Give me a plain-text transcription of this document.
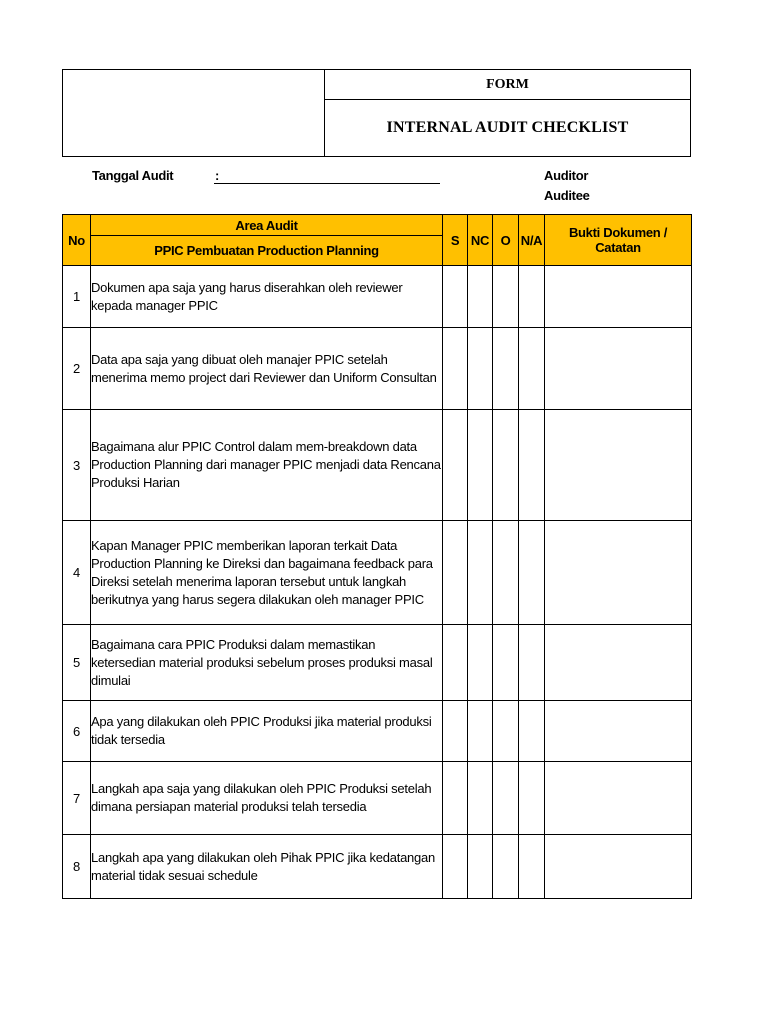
FORM
INTERNAL AUDIT CHECKLIST
Tanggal Audit	:	Auditor
Auditee
No	Area Audit	S	NC	O	N/A	Bukti Dokumen / Catatan
	PPIC Pembuatan Production Planning					
1	Dokumen apa saja yang harus diserahkan oleh reviewer kepada manager PPIC					

2	Data apa saja yang dibuat oleh manajer PPIC setelah menerima memo project dari Reviewer dan Uniform Consultan					

3	Bagaimana alur PPIC Control dalam mem-breakdown data Production Planning dari manager PPIC menjadi data Rencana Produksi Harian					

4	Kapan Manager PPIC memberikan laporan terkait Data Production Planning ke Direksi dan bagaimana feedback para Direksi setelah menerima laporan tersebut untuk langkah berikutnya yang harus segera dilakukan oleh manager PPIC					

5	Bagaimana cara PPIC Produksi dalam memastikan ketersedian material produksi sebelum proses produksi masal dimulai					

6	Apa yang dilakukan oleh PPIC Produksi jika material produksi tidak tersedia					

7	Langkah apa saja yang dilakukan oleh PPIC Produksi setelah dimana persiapan material produksi telah tersedia					

8	Langkah apa yang dilakukan oleh Pihak PPIC jika kedatangan material tidak sesuai schedule					
